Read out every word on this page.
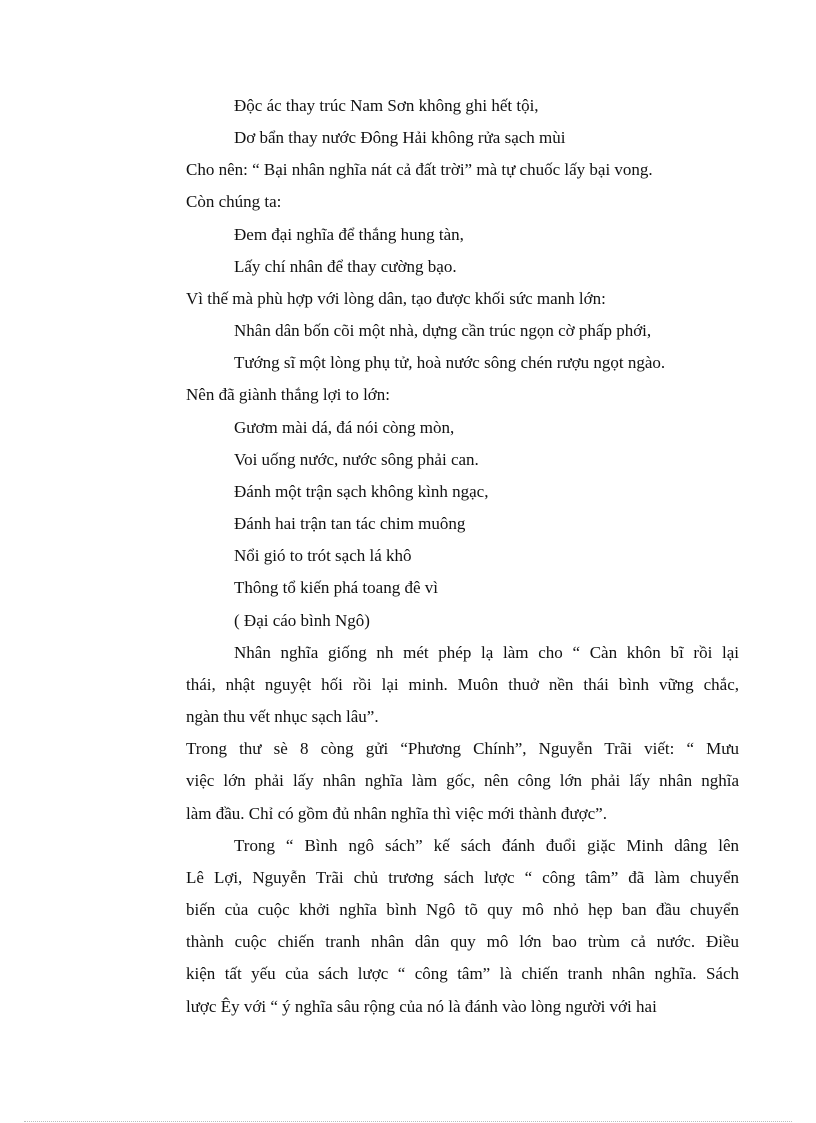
Độc ác thay trúc Nam Sơn không ghi hết tội,
Dơ bẩn thay nước Đông Hải không rửa sạch mùi
Cho nên: “ Bại nhân nghĩa nát cả đất trời” mà tự chuốc lấy bại vong.
Còn chúng ta:
Đem đại nghĩa để thắng hung tàn,
Lấy chí nhân để thay cường bạo.
Vì thế mà phù hợp với lòng dân, tạo được khối sức manh lớn:
Nhân dân bốn cõi một nhà, dựng cần trúc ngọn cờ phấp phới,
Tướng sĩ một lòng phụ tử, hoà nước sông chén rượu ngọt ngào.
Nên đã giành thắng lợi to lớn:
Gươm mài dá, đá nói còng mòn,
Voi uống nước, nước sông phải can.
Đánh một trận sạch không kình ngạc,
Đánh hai trận tan tác chim muông
Nổi gió to trót sạch lá khô
Thông tổ kiến phá toang đê vì
( Đại cáo bình Ngô)
Nhân nghĩa giống nh mét phép lạ làm cho “ Càn khôn bĩ rồi lại
thái, nhật nguyệt hối rồi lại minh. Muôn thuở nền thái bình vững chắc,
ngàn thu vết nhục sạch lâu”.
Trong thư sè 8 còng gửi “Phương Chính”, Nguyễn Trãi viết: “ Mưu
việc lớn phải lấy nhân nghĩa làm gốc, nên công lớn phải lấy nhân nghĩa
làm đầu. Chỉ có gồm đủ nhân nghĩa thì việc mới thành được”.
Trong “ Bình ngô sách” kế sách đánh đuổi giặc Minh dâng lên
Lê Lợi, Nguyễn Trãi chủ trương sách lược “ công tâm” đã làm chuyển
biến của cuộc khởi nghĩa bình Ngô tõ quy mô nhỏ hẹp ban đầu chuyển
thành cuộc chiến tranh nhân dân quy mô lớn bao trùm cả nước. Điều
kiện tất yếu của sách lược “ công tâm” là chiến tranh nhân nghĩa. Sách
lược Êy với “ ý nghĩa sâu rộng của nó là đánh vào lòng người với hai
